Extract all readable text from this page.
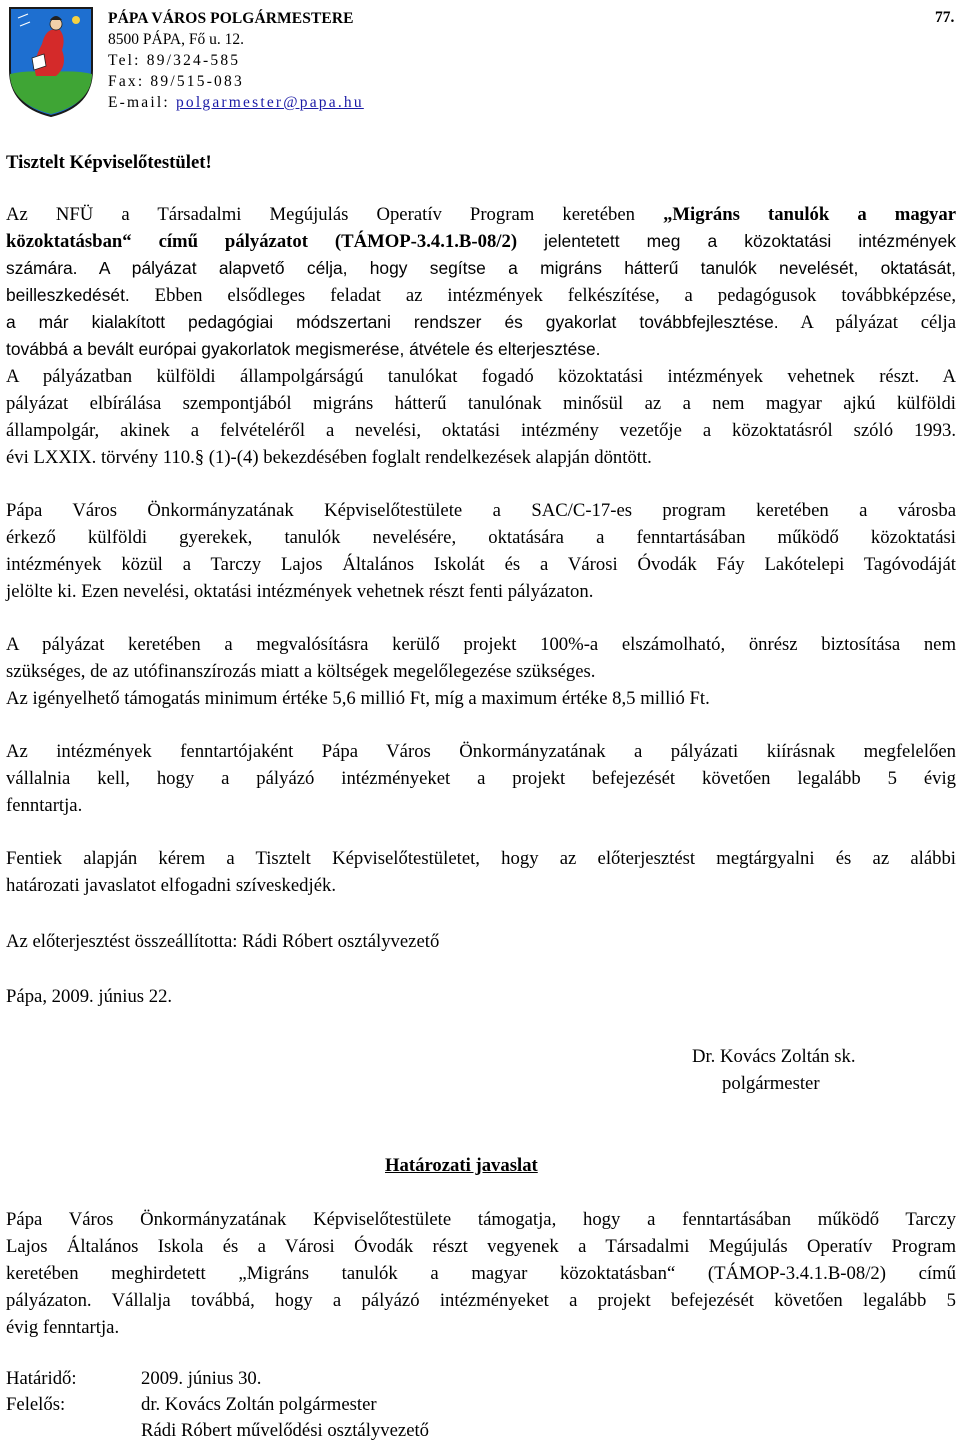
PÁPA VÁROS POLGÁRMESTERE
8500 PÁPA, Fő u. 12.
Tel: 89/324-585
Fax: 89/515-083
E-mail: polgarmester@papa.hu
77.
Tisztelt Képviselőtestület!
Az NFÜ a Társadalmi Megújulás Operatív Program keretében „Migráns tanulók a magyar
közoktatásban“ című pályázatot (TÁMOP-3.4.1.B-08/2) jelentetett meg a közoktatási intézmények
számára. A pályázat alapvető célja, hogy segítse a migráns hátterű tanulók nevelését, oktatását,
beilleszkedését. Ebben elsődleges feladat az intézmények felkészítése, a pedagógusok továbbképzése,
a már kialakított pedagógiai módszertani rendszer és gyakorlat továbbfejlesztése. A pályázat célja
továbbá a bevált európai gyakorlatok megismerése, átvétele és elterjesztése.
A pályázatban külföldi állampolgárságú tanulókat fogadó közoktatási intézmények vehetnek részt. A
pályázat elbírálása szempontjából migráns hátterű tanulónak minősül az a nem magyar ajkú külföldi
állampolgár, akinek a felvételéről a nevelési, oktatási intézmény vezetője a közoktatásról szóló 1993.
évi LXXIX. törvény 110.§ (1)-(4) bekezdésében foglalt rendelkezések alapján döntött.
Pápa Város Önkormányzatának Képviselőtestülete a SAC/C-17-es program keretében a városba
érkező külföldi gyerekek, tanulók nevelésére, oktatására a fenntartásában működő közoktatási
intézmények közül a Tarczy Lajos Általános Iskolát és a Városi Óvodák Fáy Lakótelepi Tagóvodáját
jelölte ki. Ezen nevelési, oktatási intézmények vehetnek részt fenti pályázaton.
A pályázat keretében a megvalósításra kerülő projekt 100%-a elszámolható, önrész biztosítása nem
szükséges, de az utófinanszírozás miatt a költségek megelőlegezése szükséges.
Az igényelhető támogatás minimum értéke 5,6 millió Ft, míg a maximum értéke 8,5 millió Ft.
Az intézmények fenntartójaként Pápa Város Önkormányzatának a pályázati kiírásnak megfelelően
vállalnia kell, hogy a pályázó intézményeket a projekt befejezését követően legalább 5 évig
fenntartja.
Fentiek alapján kérem a Tisztelt Képviselőtestületet, hogy az előterjesztést megtárgyalni és az alábbi
határozati javaslatot elfogadni szíveskedjék.
Az előterjesztést összeállította: Rádi Róbert osztályvezető
Pápa, 2009. június 22.
Dr. Kovács Zoltán sk.
polgármester
Határozati javaslat
Pápa Város Önkormányzatának Képviselőtestülete támogatja, hogy a fenntartásában működő Tarczy
Lajos Általános Iskola és a Városi Óvodák részt vegyenek a Társadalmi Megújulás Operatív Program
keretében meghirdetett „Migráns tanulók a magyar közoktatásban“ (TÁMOP-3.4.1.B-08/2) című
pályázaton. Vállalja továbbá, hogy a pályázó intézményeket a projekt befejezését követően legalább 5
évig fenntartja.
Határidő:	2009. június 30.
Felelős:	dr. Kovács Zoltán polgármester
Rádi Róbert művelődési osztályvezető
